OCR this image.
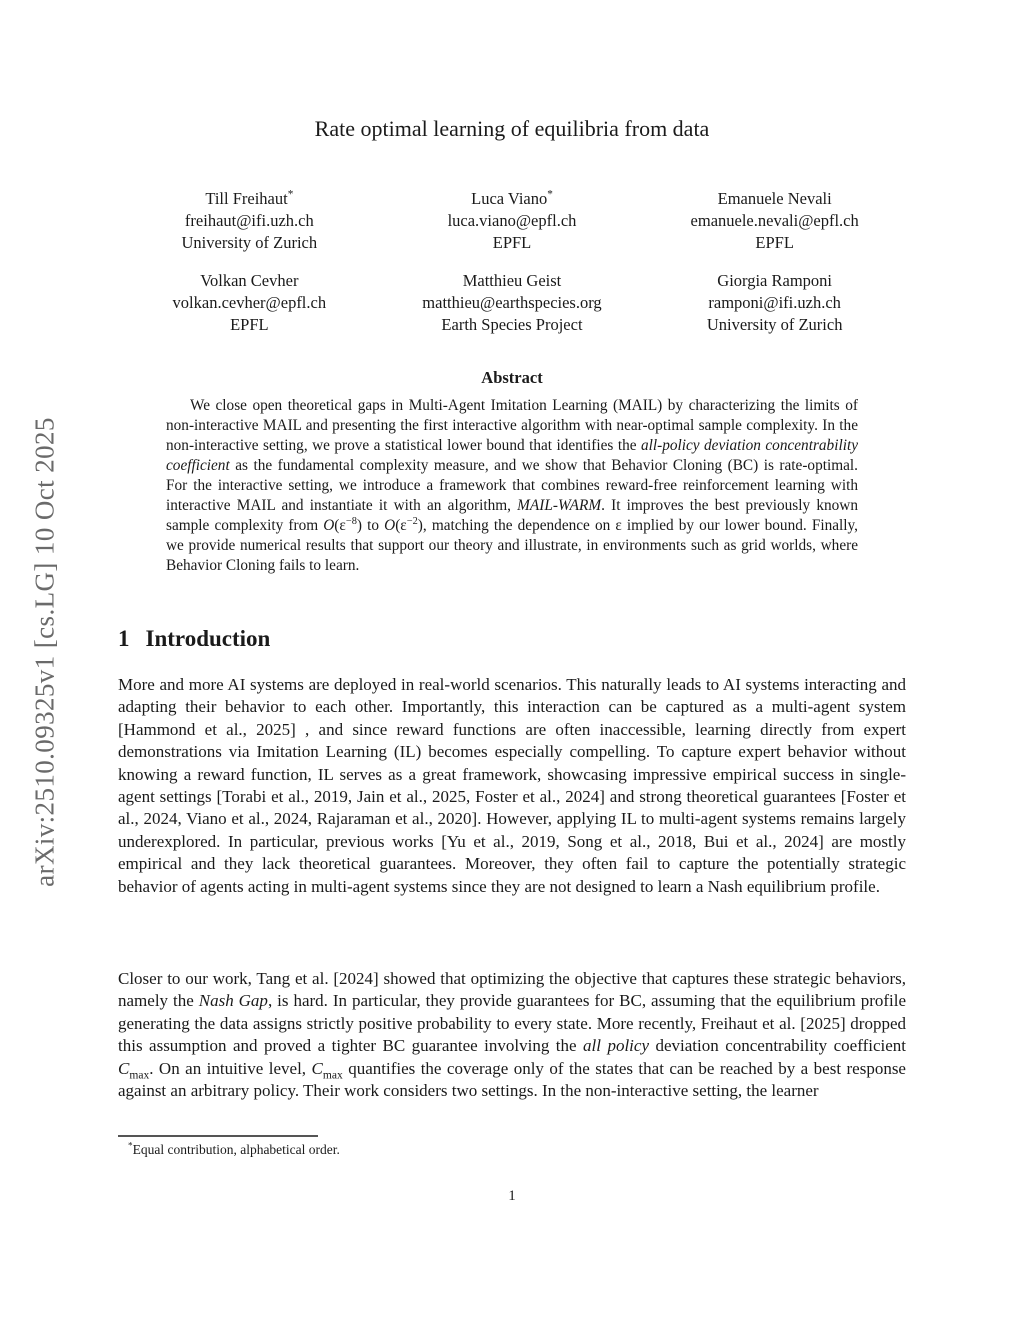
arXiv:2510.09325v1 [cs.LG] 10 Oct 2025
Rate optimal learning of equilibria from data
Till Freihaut*
freihaut@ifi.uzh.ch
University of Zurich
Luca Viano*
luca.viano@epfl.ch
EPFL
Emanuele Nevali
emanuele.nevali@epfl.ch
EPFL
Volkan Cevher
volkan.cevher@epfl.ch
EPFL
Matthieu Geist
matthieu@earthspecies.org
Earth Species Project
Giorgia Ramponi
ramponi@ifi.uzh.ch
University of Zurich
Abstract

We close open theoretical gaps in Multi-Agent Imitation Learning (MAIL) by characterizing the limits of non-interactive MAIL and presenting the first interactive algorithm with near-optimal sample complexity. In the non-interactive setting, we prove a statistical lower bound that identifies the all-policy deviation concentrability coefficient as the fundamental complexity measure, and we show that Behavior Cloning (BC) is rate-optimal. For the interactive setting, we introduce a framework that combines reward-free reinforcement learning with interactive MAIL and instantiate it with an algorithm, MAIL-WARM. It improves the best previously known sample complexity from $O(\varepsilon^{-8})$ to $O(\varepsilon^{-2})$, matching the dependence on ε implied by our lower bound. Finally, we provide numerical results that support our theory and illustrate, in environments such as grid worlds, where Behavior Cloning fails to learn.

1 Introduction

More and more AI systems are deployed in real-world scenarios. This naturally leads to AI systems interacting and adapting their behavior to each other. Importantly, this interaction can be captured as a multi-agent system [Hammond et al., 2025] , and since reward functions are often inaccessible, learning directly from expert demonstrations via Imitation Learning (IL) becomes especially compelling. To capture expert behavior without knowing a reward function, IL serves as a great framework, showcasing impressive empirical success in single-agent settings [Torabi et al., 2019, Jain et al., 2025, Foster et al., 2024] and strong theoretical guarantees [Foster et al., 2024, Viano et al., 2024, Rajaraman et al., 2020]. However, applying IL to multi-agent systems remains largely underexplored. In particular, previous works [Yu et al., 2019, Song et al., 2018, Bui et al., 2024] are mostly empirical and they lack theoretical guarantees. Moreover, they often fail to capture the potentially strategic behavior of agents acting in multi-agent systems since they are not designed to learn a Nash equilibrium profile.

Closer to our work, Tang et al. [2024] showed that optimizing the objective that captures these strategic behaviors, namely the Nash Gap, is hard. In particular, they provide guarantees for BC, assuming that the equilibrium profile generating the data assigns strictly positive probability to every state. More recently, Freihaut et al. [2025] dropped this assumption and proved a tighter BC guarantee involving the all policy deviation concentrability coefficient $C_{max}$. On an intuitive level, $C_{max}$ quantifies the coverage only of the states that can be reached by a best response against an arbitrary policy. Their work considers two settings. In the non-interactive setting, the learner

*Equal contribution, alphabetical order.
1
